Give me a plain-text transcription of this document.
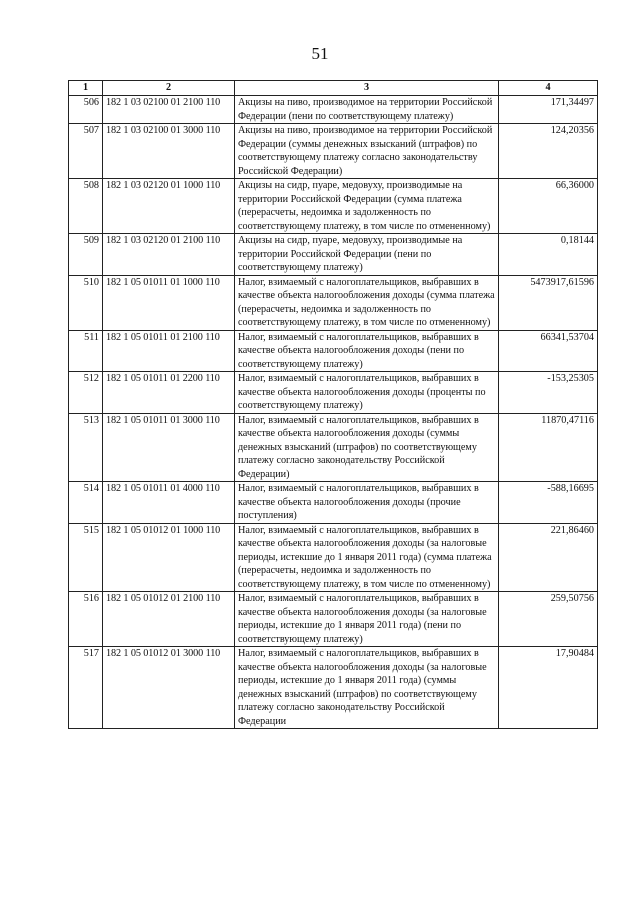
51
1	2	3	4
506	182 1 03 02100 01 2100 110	Акцизы на пиво, производимое на территории Российской Федерации (пени по соответствующему платежу)	171,34497
507	182 1 03 02100 01 3000 110	Акцизы на пиво, производимое на территории Российской Федерации (суммы денежных взысканий (штрафов) по соответствующему платежу согласно законодательству Российской Федерации)	124,20356
508	182 1 03 02120 01 1000 110	Акцизы на сидр, пуаре, медовуху, производимые на территории Российской Федерации (сумма платежа (перерасчеты, недоимка и задолженность по соответствующему платежу, в том числе по отмененному)	66,36000
509	182 1 03 02120 01 2100 110	Акцизы на сидр, пуаре, медовуху, производимые на территории Российской Федерации (пени по соответствующему платежу)	0,18144
510	182 1 05 01011 01 1000 110	Налог, взимаемый с налогоплательщиков, выбравших в качестве объекта налогообложения доходы (сумма платежа (перерасчеты, недоимка и задолженность по соответствующему платежу, в том числе по отмененному)	5473917,61596
511	182 1 05 01011 01 2100 110	Налог, взимаемый с налогоплательщиков, выбравших в качестве объекта налогообложения доходы (пени по соответствующему платежу)	66341,53704
512	182 1 05 01011 01 2200 110	Налог, взимаемый с налогоплательщиков, выбравших в качестве объекта налогообложения доходы (проценты по соответствующему платежу)	-153,25305
513	182 1 05 01011 01 3000 110	Налог, взимаемый с налогоплательщиков, выбравших в качестве объекта налогообложения доходы (суммы денежных взысканий (штрафов) по соответствующему платежу согласно законодательству Российской Федерации)	11870,47116
514	182 1 05 01011 01 4000 110	Налог, взимаемый с налогоплательщиков, выбравших в качестве объекта налогообложения доходы (прочие поступления)	-588,16695
515	182 1 05 01012 01 1000 110	Налог, взимаемый с налогоплательщиков, выбравших в качестве объекта налогообложения доходы (за налоговые периоды, истекшие до 1 января 2011 года) (сумма платежа (перерасчеты, недоимка и задолженность по соответствующему платежу, в том числе по отмененному)	221,86460
516	182 1 05 01012 01 2100 110	Налог, взимаемый с налогоплательщиков, выбравших в качестве объекта налогообложения доходы (за налоговые периоды, истекшие до 1 января 2011 года) (пени по соответствующему платежу)	259,50756
517	182 1 05 01012 01 3000 110	Налог, взимаемый с налогоплательщиков, выбравших в качестве объекта налогообложения доходы (за налоговые периоды, истекшие до 1 января 2011 года) (суммы денежных взысканий (штрафов) по соответствующему платежу согласно законодательству Российской Федерации	17,90484
